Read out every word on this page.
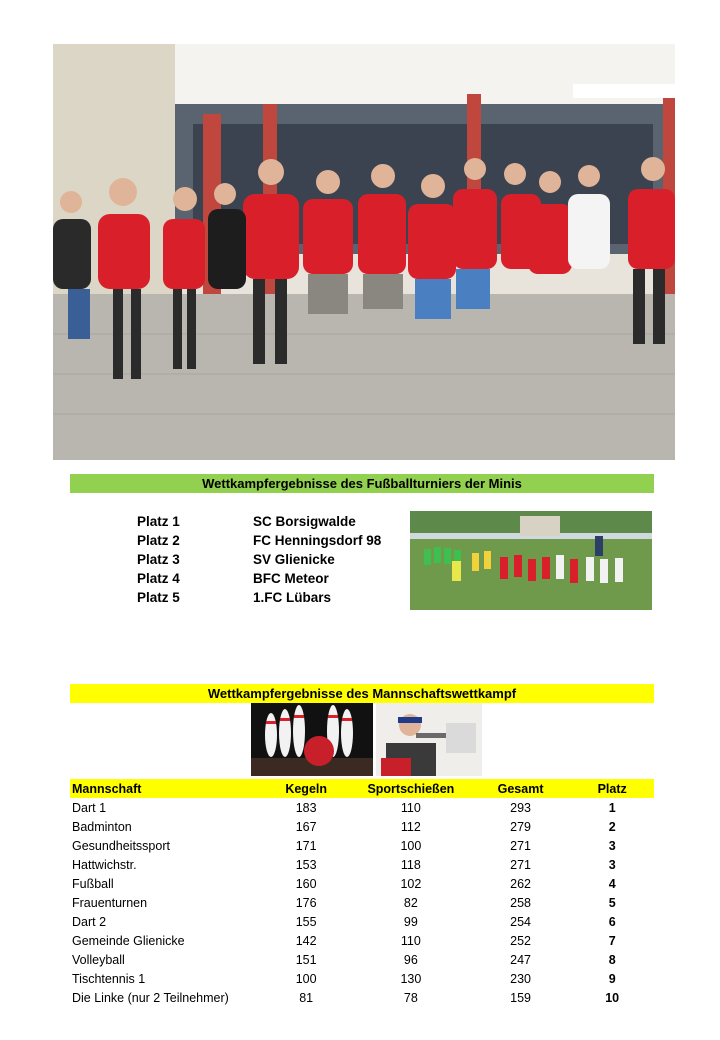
Wettkampfergebnisse des Fußballturniers der Minis
Platz 1	SC Borsigwalde
Platz 2	FC Henningsdorf 98
Platz 3	SV Glienicke
Platz 4	BFC Meteor
Platz 5	1.FC Lübars
Wettkampfergebnisse des Mannschaftswettkampf
Mannschaft	Kegeln	Sportschießen	Gesamt	Platz
Dart 1	183	110	293	1
Badminton	167	112	279	2
Gesundheitssport	171	100	271	3
Hattwichstr.	153	118	271	3
Fußball	160	102	262	4
Frauenturnen	176	82	258	5
Dart 2	155	99	254	6
Gemeinde Glienicke	142	110	252	7
Volleyball	151	96	247	8
Tischtennis 1	100	130	230	9
Die Linke (nur 2 Teilnehmer)	81	78	159	10
